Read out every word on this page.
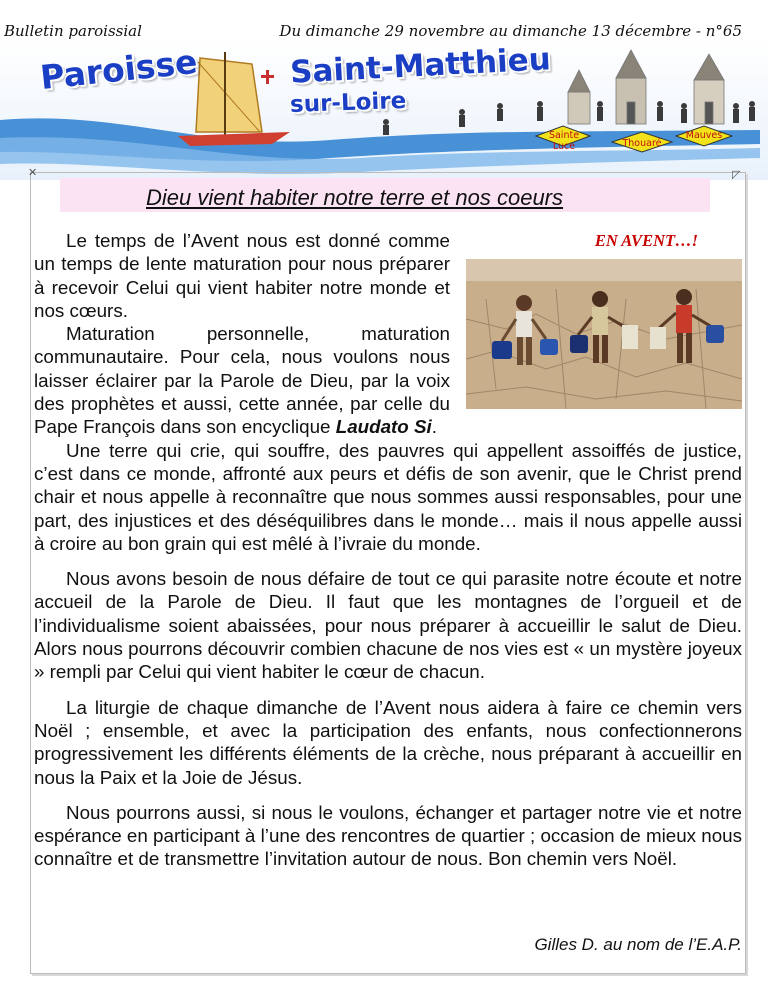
Bulletin paroissial	Du dimanche 29 novembre au dimanche 13 décembre - n°65
Paroisse	Saint-Matthieu
sur-Loire
Sainte
Luce	Thouaré
Mauves
✕	◸
Dieu vient habiter notre terre et nos coeurs
EN AVENT…!

Le temps de l’Avent nous est donné comme un temps de lente maturation pour nous préparer à recevoir Celui qui vient habiter notre monde et nos cœurs.

Maturation personnelle, maturation communautaire. Pour cela, nous voulons nous laisser éclairer par la Parole de Dieu, par la voix des prophètes et aussi, cette année, par celle du Pape François dans son encyclique Laudato Si.

Une terre qui crie, qui souffre, des pauvres qui appellent assoiffés de justice, c’est dans ce monde, affronté aux peurs et défis de son avenir, que le Christ prend chair et nous appelle à reconnaître que nous sommes aussi responsables, pour une part, des injustices et des déséquilibres dans le monde… mais il nous appelle aussi à croire au bon grain qui est mêlé à l’ivraie du monde.

Nous avons besoin de nous défaire de tout ce qui parasite notre écoute et notre accueil de la Parole de Dieu. Il faut que les montagnes de l’orgueil et de l’individualisme soient abaissées, pour nous préparer à accueillir le salut de Dieu. Alors nous pourrons découvrir combien chacune de nos vies est « un mystère joyeux » rempli par Celui qui vient habiter le cœur de chacun.

La liturgie de chaque dimanche de l’Avent nous aidera à faire ce chemin vers Noël ; ensemble, et avec la participation des enfants, nous confectionnerons progressivement les différents éléments de la crèche, nous préparant à accueillir en nous la Paix et la Joie de Jésus.

Nous pourrons aussi, si nous le voulons, échanger et partager notre vie et notre espérance en participant à l’une des rencontres de quartier ; occasion de mieux nous connaître et de transmettre l’invitation autour de nous. Bon chemin vers Noël.

Gilles D. au nom de l’E.A.P.
